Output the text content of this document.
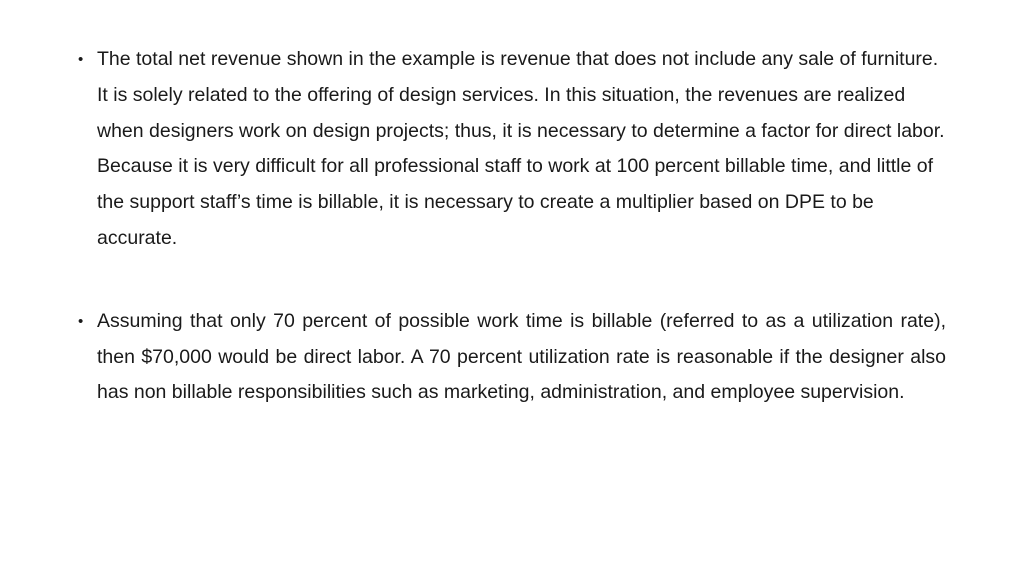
• The total net revenue shown in the example is revenue that does not include any sale of furniture. It is solely related to the offering of design services. In this situation, the revenues are realized when designers work on design projects; thus, it is necessary to determine a factor for direct labor. Because it is very difficult for all professional staff to work at 100 percent billable time, and little of the support staff’s time is billable, it is necessary to create a multiplier based on DPE to be accurate.
• Assuming that only 70 percent of possible work time is billable (referred to as a utilization rate), then $70,000 would be direct labor. A 70 percent utilization rate is reasonable if the designer also has non billable responsibilities such as marketing, administration, and employee supervision.
